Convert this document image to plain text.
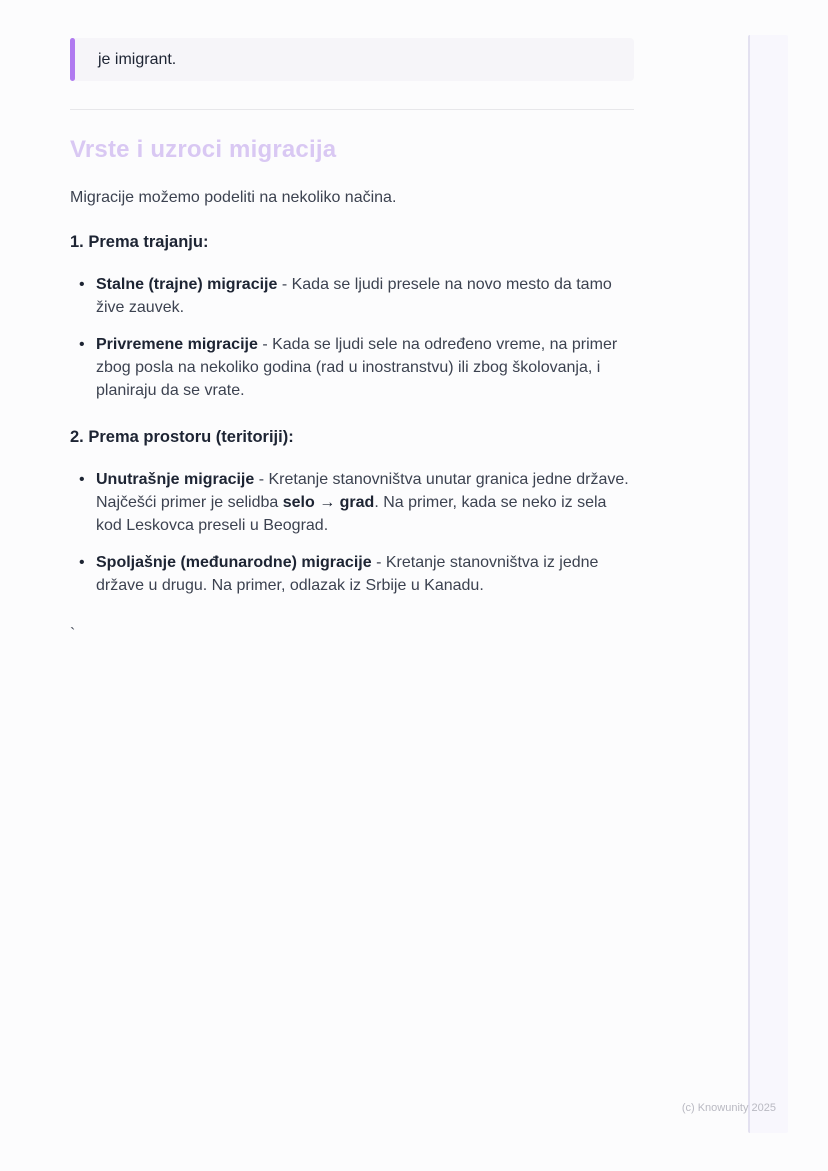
je imigrant.
Vrste i uzroci migracija

Migracije možemo podeliti na nekoliko načina.

1. Prema trajanju:
• Stalne (trajne) migracije - Kada se ljudi presele na novo mesto da tamo žive zauvek.
• Privremene migracije - Kada se ljudi sele na određeno vreme, na primer zbog posla na nekoliko godina (rad u inostranstvu) ili zbog školovanja, i planiraju da se vrate.
2. Prema prostoru (teritoriji):
• Unutrašnje migracije - Kretanje stanovništva unutar granica jedne države. Najčešći primer je selidba selo → grad. Na primer, kada se neko iz sela kod Leskovca preseli u Beograd.
• Spoljašnje (međunarodne) migracije - Kretanje stanovništva iz jedne države u drugu. Na primer, odlazak iz Srbije u Kanadu.
`
(c) Knowunity 2025
